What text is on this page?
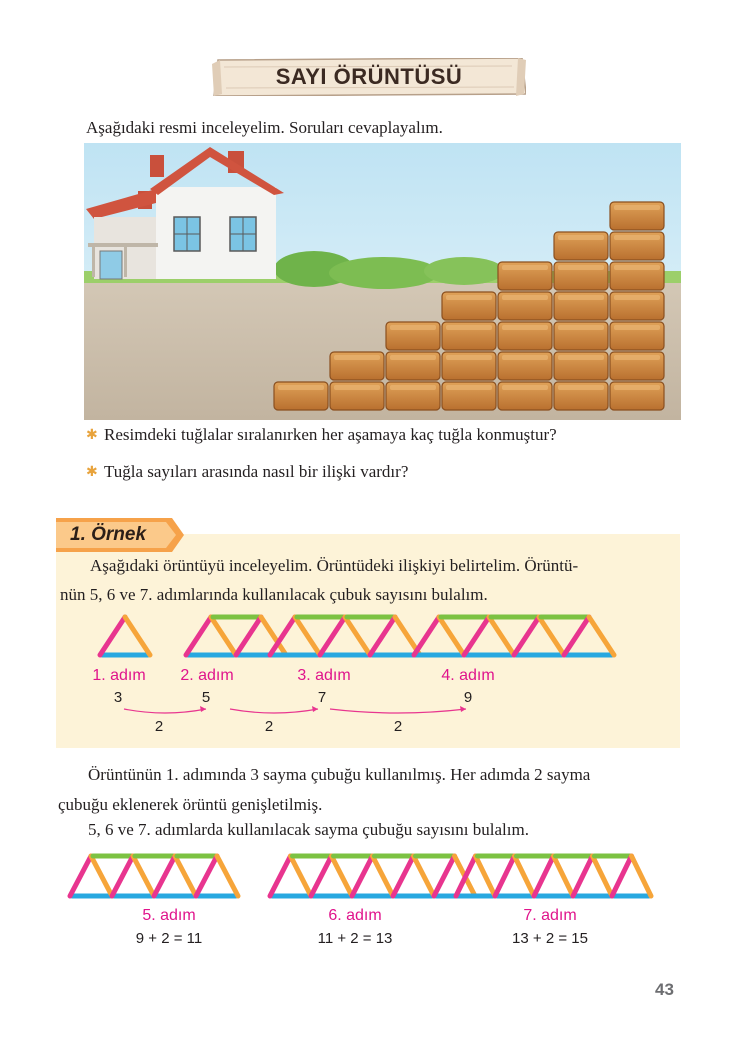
SAYI ÖRÜNTÜSÜ
Aşağıdaki resmi inceleyelim. Soruları cevaplayalım.
✱ Resimdeki tuğlalar sıralanırken her aşamaya kaç tuğla konmuştur?
✱ Tuğla sayıları arasında nasıl bir ilişki vardır?
1. Örnek
Aşağıdaki örüntüyü inceleyelim. Örüntüdeki ilişkiyi belirtelim. Örüntü-
nün 5, 6 ve 7. adımlarında kullanılacak çubuk sayısını bulalım.
1. adım
3
2. adım
5
3. adım
7
4. adım
9
2	2	2
Örüntünün 1. adımında 3 sayma çubuğu kullanılmış. Her adımda 2 sayma
çubuğu eklenerek örüntü genişletilmiş.
5, 6 ve 7. adımlarda kullanılacak sayma çubuğu sayısını bulalım.
5. adım
9 + 2 = 11
6. adım
11 + 2 = 13
7. adım
13 + 2 = 15
43
